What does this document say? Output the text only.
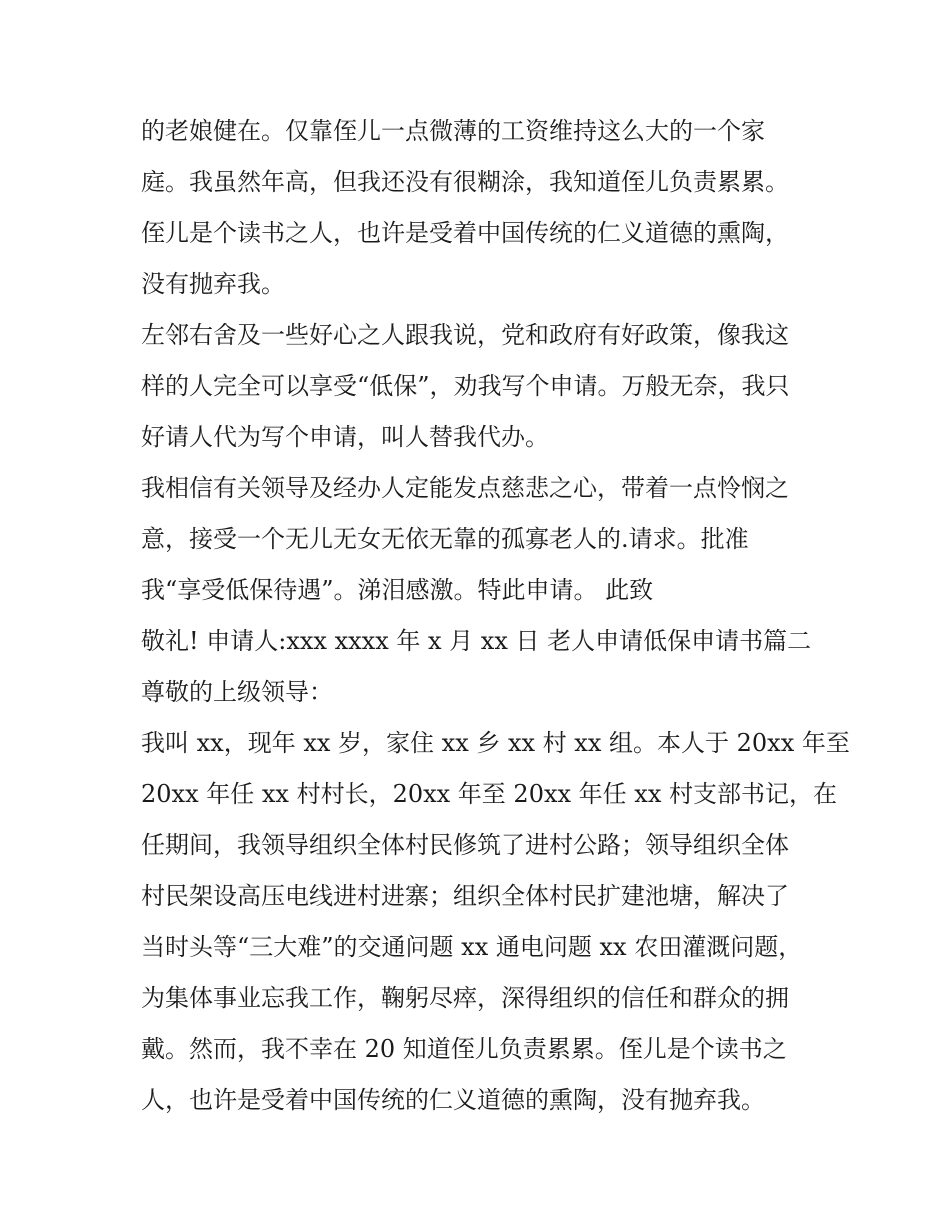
的老娘健在。仅靠侄儿一点微薄的工资维持这么大的一个家
庭。我虽然年高，但我还没有很糊涂，我知道侄儿负责累累。
侄儿是个读书之人，也许是受着中国传统的仁义道德的熏陶，
没有抛弃我。
左邻右舍及一些好心之人跟我说，党和政府有好政策，像我这
样的人完全可以享受“低保”，劝我写个申请。万般无奈，我只
好请人代为写个申请，叫人替我代办。
我相信有关领导及经办人定能发点慈悲之心，带着一点怜悯之
意，接受一个无儿无女无依无靠的孤寡老人的.请求。批准
我“享受低保待遇”。涕泪感激。特此申请。 此致
敬礼! 申请人:xxx xxxx 年 x 月 xx 日 老人申请低保申请书篇二
尊敬的上级领导：
我叫 xx，现年 xx 岁，家住 xx 乡 xx 村 xx 组。本人于 20xx 年至
20xx 年任 xx 村村长，20xx 年至 20xx 年任 xx 村支部书记，在
任期间，我领导组织全体村民修筑了进村公路；领导组织全体
村民架设高压电线进村进寨；组织全体村民扩建池塘，解决了
当时头等“三大难”的交通问题 xx 通电问题 xx 农田灌溉问题，
为集体事业忘我工作，鞠躬尽瘁，深得组织的信任和群众的拥
戴。然而，我不幸在 20 知道侄儿负责累累。侄儿是个读书之
人，也许是受着中国传统的仁义道德的熏陶，没有抛弃我。
